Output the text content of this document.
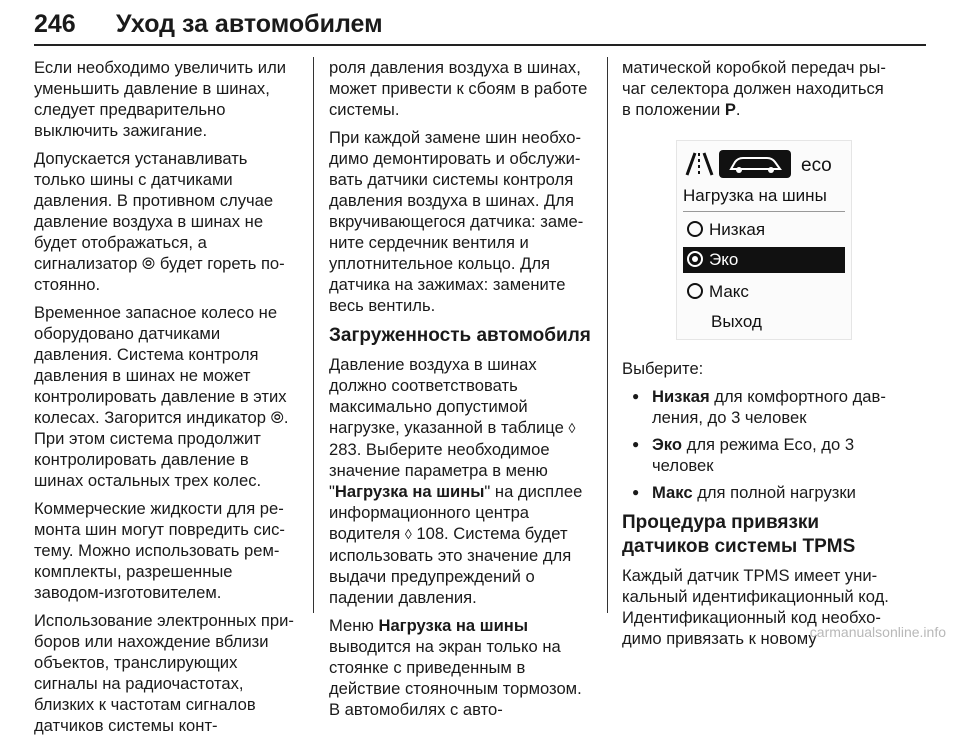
246 Уход за автомобилем

Если необходимо увеличить или уменьшить давление в шинах, следует предварительно выключить зажигание.

Допускается устанавливать только шины с датчиками давления. В противном случае давление воздуха в шинах не будет отображаться, а сигнализатор ⦾ будет гореть постоянно.

Временное запасное колесо не оборудовано датчиками давления. Система контроля давления в шинах не может контролировать давление в этих колесах. Загорится индикатор ⦾. При этом система продолжит контролировать давление в шинах остальных трех колес.

Коммерческие жидкости для ремонта шин могут повредить систему. Можно использовать ремкомплекты, разрешенные заводом-изготовителем.

Использование электронных приборов или нахождение вблизи объектов, транслирующих сигналы на радиочастотах, близких к частотам сигналов датчиков системы конт-

роля давления воздуха в шинах, может привести к сбоям в работе системы.

При каждой замене шин необходимо демонтировать и обслуживать датчики системы контроля давления воздуха в шинах. Для вкручивающегося датчика: замените сердечник вентиля и уплотнительное кольцо. Для датчика на зажимах: замените весь вентиль.

Загруженность автомобиля

Давление воздуха в шинах должно соответствовать максимально допустимой нагрузке, указанной в таблице ◊ 283. Выберите необходимое значение параметра в меню "Нагрузка на шины" на дисплее информационного центра водителя ◊ 108. Система будет использовать это значение для выдачи предупреждений о падении давления.

Меню Нагрузка на шины выводится на экран только на стоянке с приведенным в действие стояночным тормозом. В автомобилях с авто-

матической коробкой передач рычаг селектора должен находиться в положении P.

eco
Нагрузка на шины
Низкая
Эко
Макс
Выход

Выберите:

● Низкая для комфортного давления, до 3 человек
● Эко для режима Eco, до 3 человек
● Макс для полной нагрузки
Процедура привязки датчиков системы TPMS

Каждый датчик TPMS имеет уникальный идентификационный код. Идентификационный код необходимо привязать к новому

carmanualsonline.info
